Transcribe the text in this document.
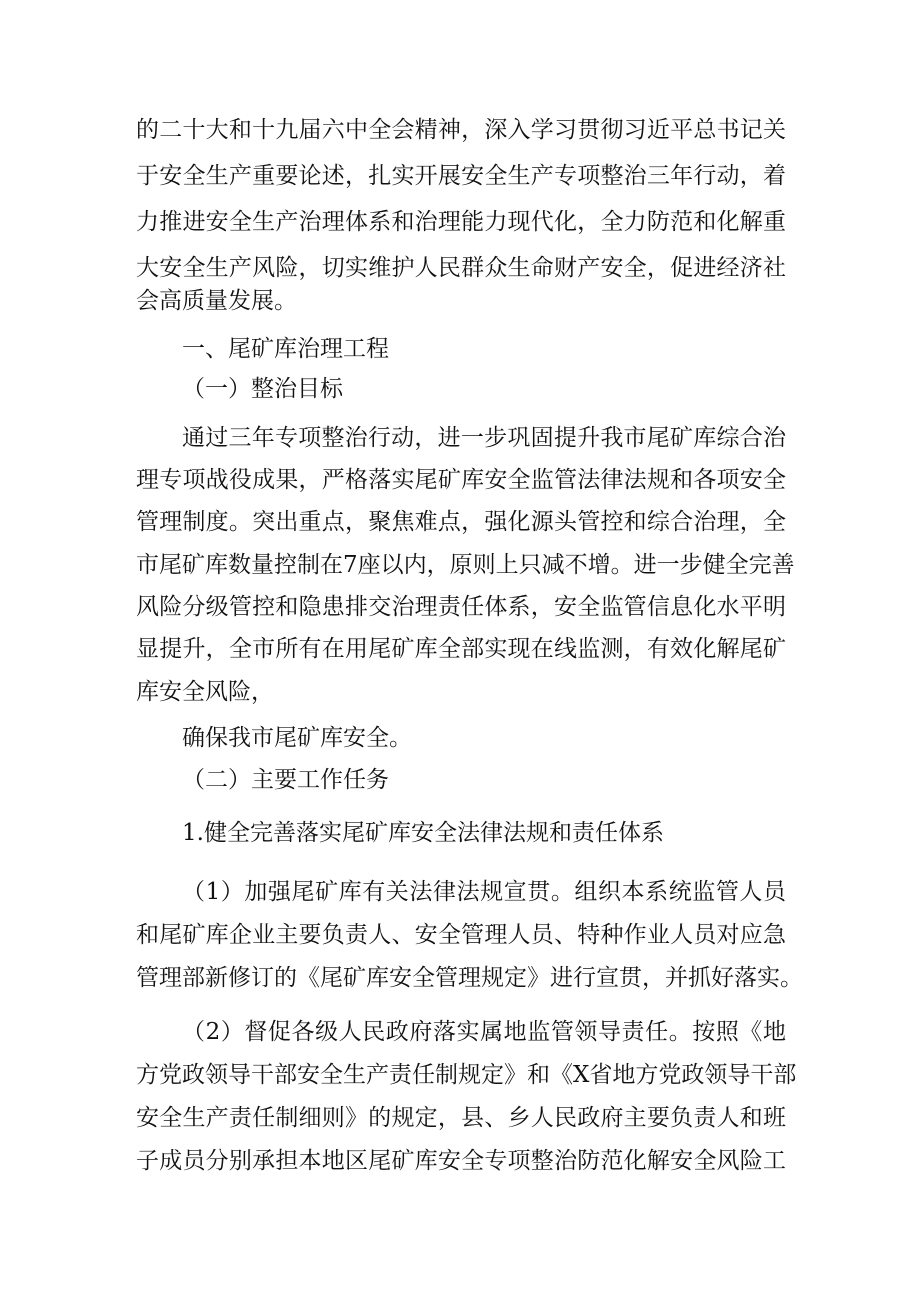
的二十大和十九届六中全会精神，深入学习贯彻习近平总书记关
于安全生产重要论述，扎实开展安全生产专项整治三年行动，着
力推进安全生产治理体系和治理能力现代化，全力防范和化解重
大安全生产风险，切实维护人民群众生命财产安全，促进经济社
会高质量发展。
一、尾矿库治理工程
（一）整治目标
通过三年专项整治行动，进一步巩固提升我市尾矿库综合治
理专项战役成果，严格落实尾矿库安全监管法律法规和各项安全
管理制度。突出重点，聚焦难点，强化源头管控和综合治理，全
市尾矿库数量控制在7座以内，原则上只减不增。进一步健全完善
风险分级管控和隐患排交治理责任体系，安全监管信息化水平明
显提升，全市所有在用尾矿库全部实现在线监测，有效化解尾矿
库安全风险，
确保我市尾矿库安全。
（二）主要工作任务
1.健全完善落实尾矿库安全法律法规和责任体系
（1）加强尾矿库有关法律法规宣贯。组织本系统监管人员
和尾矿库企业主要负责人、安全管理人员、特种作业人员对应急
管理部新修订的《尾矿库安全管理规定》进行宣贯，并抓好落实。
（2）督促各级人民政府落实属地监管领导责任。按照《地
方党政领导干部安全生产责任制规定》和《X省地方党政领导干部
安全生产责任制细则》的规定，县、乡人民政府主要负责人和班
子成员分别承担本地区尾矿库安全专项整治防范化解安全风险工
